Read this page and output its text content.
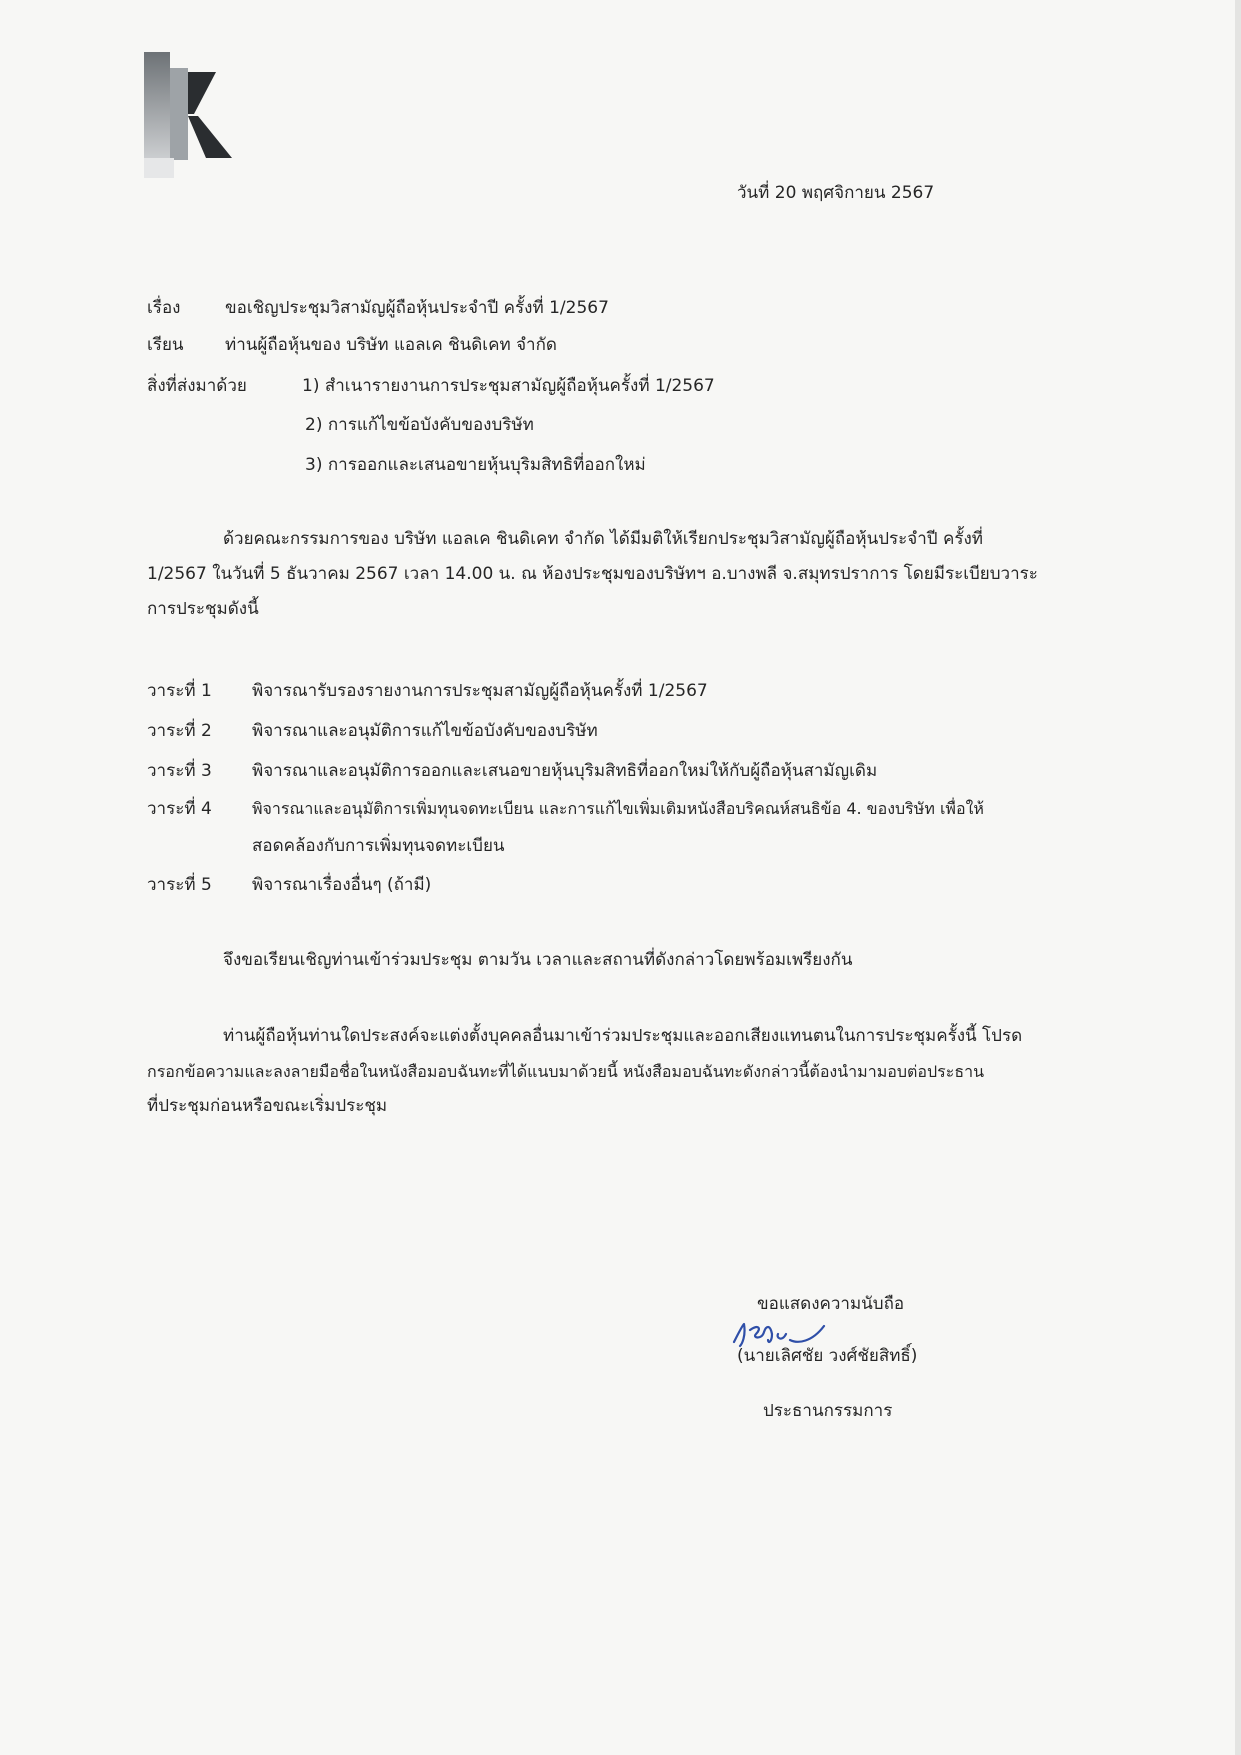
วันที่ 20 พฤศจิกายน 2567
เรื่อง	ขอเชิญประชุมวิสามัญผู้ถือหุ้นประจำปี ครั้งที่ 1/2567
เรียน ท่านผู้ถือหุ้นของ บริษัท แอลเค ชินดิเคท จำกัด
สิ่งที่ส่งมาด้วย	1) สำเนารายงานการประชุมสามัญผู้ถือหุ้นครั้งที่ 1/2567
2) การแก้ไขข้อบังคับของบริษัท
3) การออกและเสนอขายหุ้นบุริมสิทธิที่ออกใหม่

ด้วยคณะกรรมการของ บริษัท แอลเค ชินดิเคท จำกัด ได้มีมติให้เรียกประชุมวิสามัญผู้ถือหุ้นประจำปี ครั้งที่

1/2567 ในวันที่ 5 ธันวาคม 2567 เวลา 14.00 น. ณ ห้องประชุมของบริษัทฯ อ.บางพลี จ.สมุทรปราการ โดยมีระเบียบวาระ

การประชุมดังนี้

วาระที่ 1 พิจารณารับรองรายงานการประชุมสามัญผู้ถือหุ้นครั้งที่ 1/2567
วาระที่ 2 พิจารณาและอนุมัติการแก้ไขข้อบังคับของบริษัท
วาระที่ 3 พิจารณาและอนุมัติการออกและเสนอขายหุ้นบุริมสิทธิที่ออกใหม่ให้กับผู้ถือหุ้นสามัญเดิม
วาระที่ 4	พิจารณาและอนุมัติการเพิ่มทุนจดทะเบียน และการแก้ไขเพิ่มเติมหนังสือบริคณห์สนธิข้อ 4. ของบริษัท เพื่อให้
สอดคล้องกับการเพิ่มทุนจดทะเบียน
วาระที่ 5 พิจารณาเรื่องอื่นๆ (ถ้ามี)
จึงขอเรียนเชิญท่านเข้าร่วมประชุม ตามวัน เวลาและสถานที่ดังกล่าวโดยพร้อมเพรียงกัน

ท่านผู้ถือหุ้นท่านใดประสงค์จะแต่งตั้งบุคคลอื่นมาเข้าร่วมประชุมและออกเสียงแทนตนในการประชุมครั้งนี้ โปรด

กรอกข้อความและลงลายมือชื่อในหนังสือมอบฉันทะที่ได้แนบมาด้วยนี้ หนังสือมอบฉันทะดังกล่าวนี้ต้องนำมามอบต่อประธาน

ที่ประชุมก่อนหรือขณะเริ่มประชุม

ขอแสดงความนับถือ
(นายเลิศชัย วงศ์ชัยสิทธิ์)
ประธานกรรมการ
